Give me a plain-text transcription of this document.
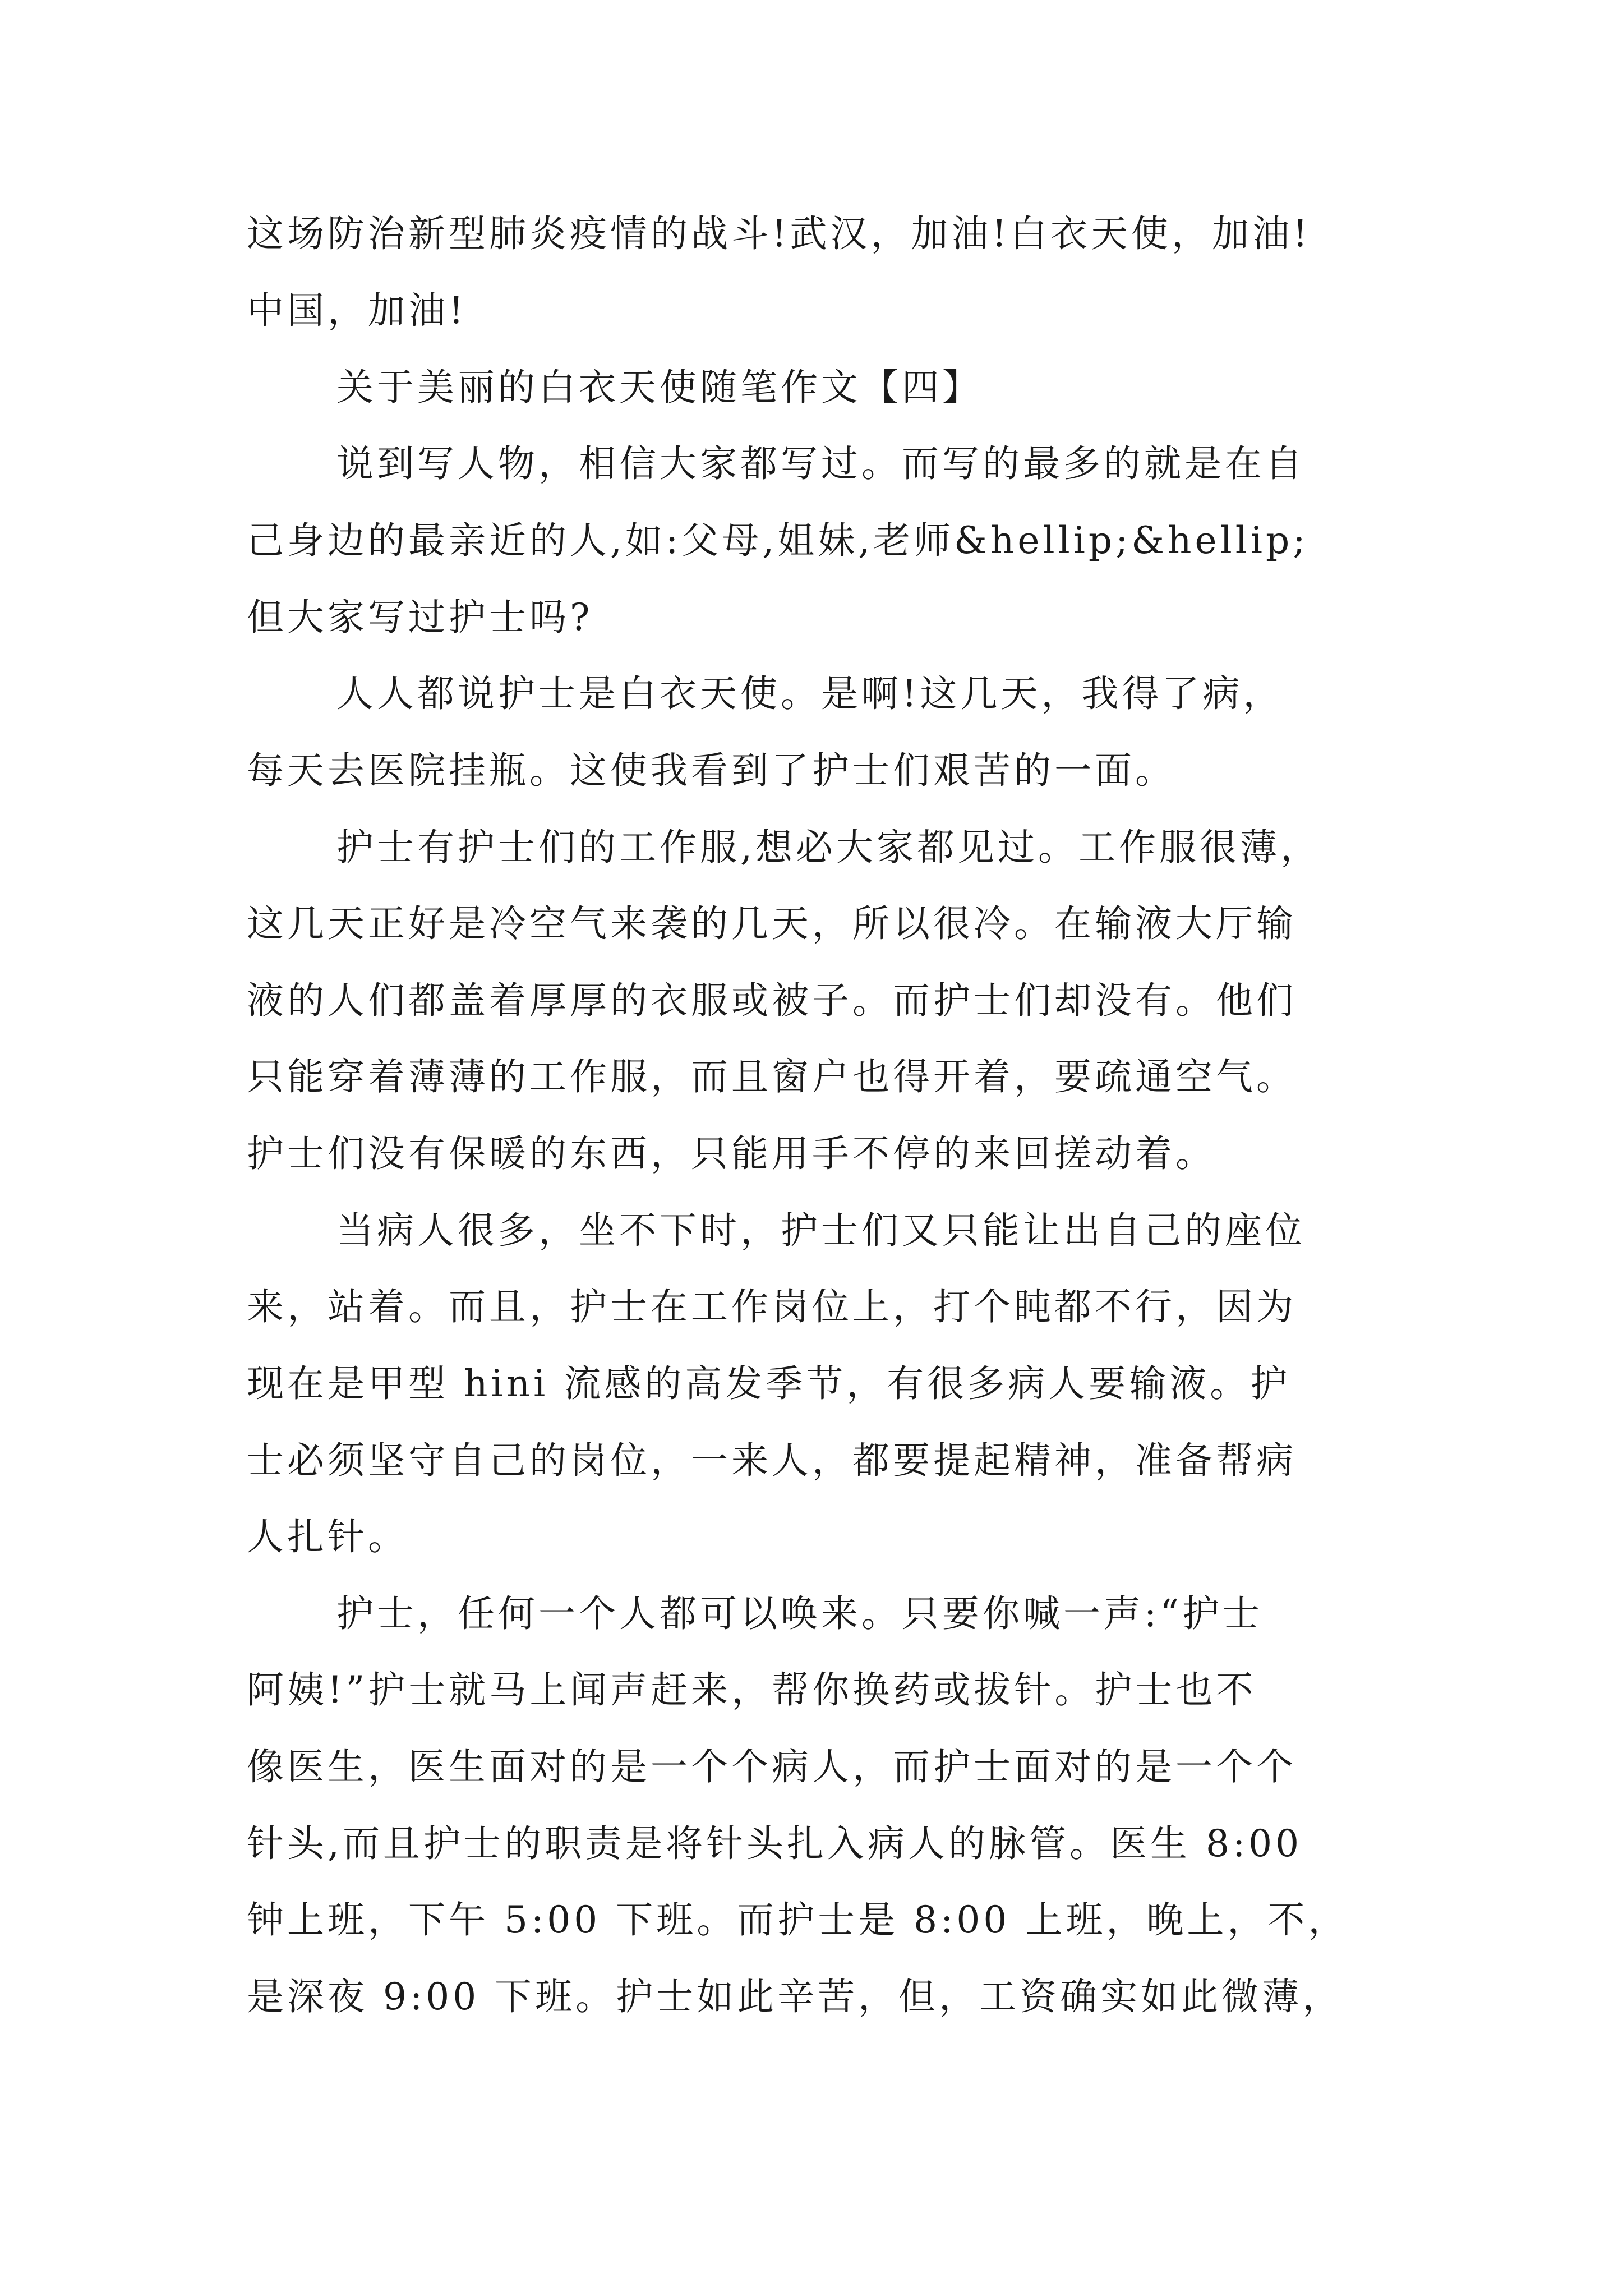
这场防治新型肺炎疫情的战斗!武汉，加油!白衣天使，加油!
中国，加油!
关于美丽的白衣天使随笔作文【四】
说到写人物，相信大家都写过。而写的最多的就是在自
己身边的最亲近的人,如:父母,姐妹,老师&hellip;&hellip;
但大家写过护士吗?
人人都说护士是白衣天使。是啊!这几天，我得了病，
每天去医院挂瓶。这使我看到了护士们艰苦的一面。
护士有护士们的工作服,想必大家都见过。工作服很薄，
这几天正好是冷空气来袭的几天，所以很冷。在输液大厅输
液的人们都盖着厚厚的衣服或被子。而护士们却没有。他们
只能穿着薄薄的工作服，而且窗户也得开着，要疏通空气。
护士们没有保暖的东西，只能用手不停的来回搓动着。
当病人很多，坐不下时，护士们又只能让出自己的座位
来，站着。而且，护士在工作岗位上，打个盹都不行，因为
现在是甲型 hini 流感的高发季节，有很多病人要输液。护
士必须坚守自己的岗位，一来人，都要提起精神，准备帮病
人扎针。
护士，任何一个人都可以唤来。只要你喊一声:“护士
阿姨!”护士就马上闻声赶来，帮你换药或拔针。护士也不
像医生，医生面对的是一个个病人，而护士面对的是一个个
针头,而且护士的职责是将针头扎入病人的脉管。医生 8:00
钟上班，下午 5:00 下班。而护士是 8:00 上班，晚上，不，
是深夜 9:00 下班。护士如此辛苦，但，工资确实如此微薄，
